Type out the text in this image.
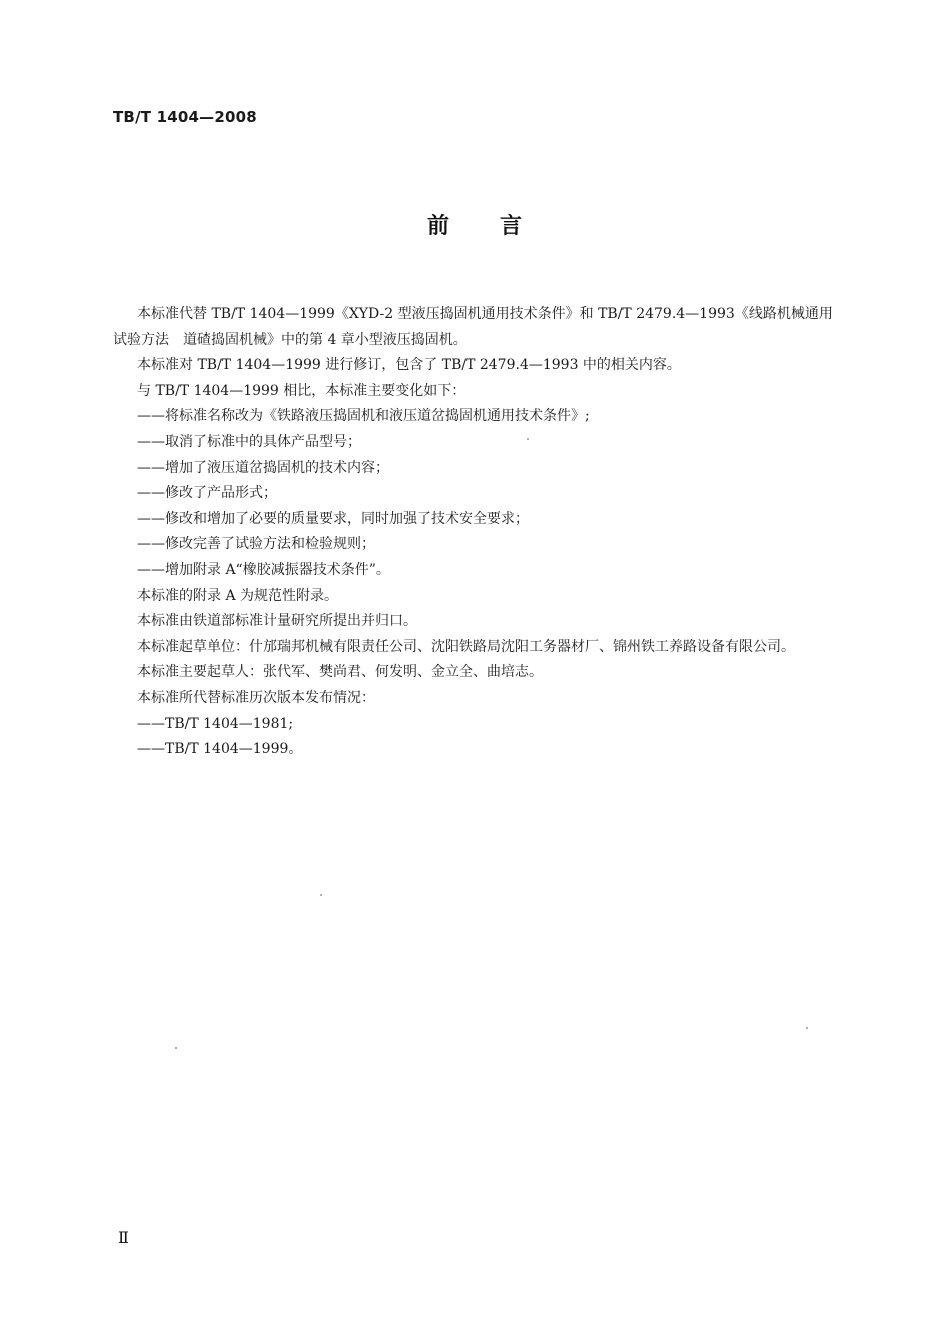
TB/T 1404—2008
前 言

本标准代替 TB/T 1404—1999《XYD-2 型液压捣固机通用技术条件》和 TB/T 2479.4—1993《线路机械通用试验方法　道碴捣固机械》中的第 4 章小型液压捣固机。

本标准对 TB/T 1404—1999 进行修订，包含了 TB/T 2479.4—1993 中的相关内容。

与 TB/T 1404—1999 相比，本标准主要变化如下：

——将标准名称改为《铁路液压捣固机和液压道岔捣固机通用技术条件》;

——取消了标准中的具体产品型号；

——增加了液压道岔捣固机的技术内容；

——修改了产品形式；

——修改和增加了必要的质量要求，同时加强了技术安全要求；

——修改完善了试验方法和检验规则；

——增加附录 A“橡胶减振器技术条件”。

本标准的附录 A 为规范性附录。

本标准由铁道部标准计量研究所提出并归口。

本标准起草单位：什邡瑞邦机械有限责任公司、沈阳铁路局沈阳工务器材厂、锦州铁工养路设备有限公司。

本标准主要起草人：张代军、樊尚君、何发明、金立全、曲培志。

本标准所代替标准历次版本发布情况：

——TB/T 1404—1981;

——TB/T 1404—1999。

Ⅱ
